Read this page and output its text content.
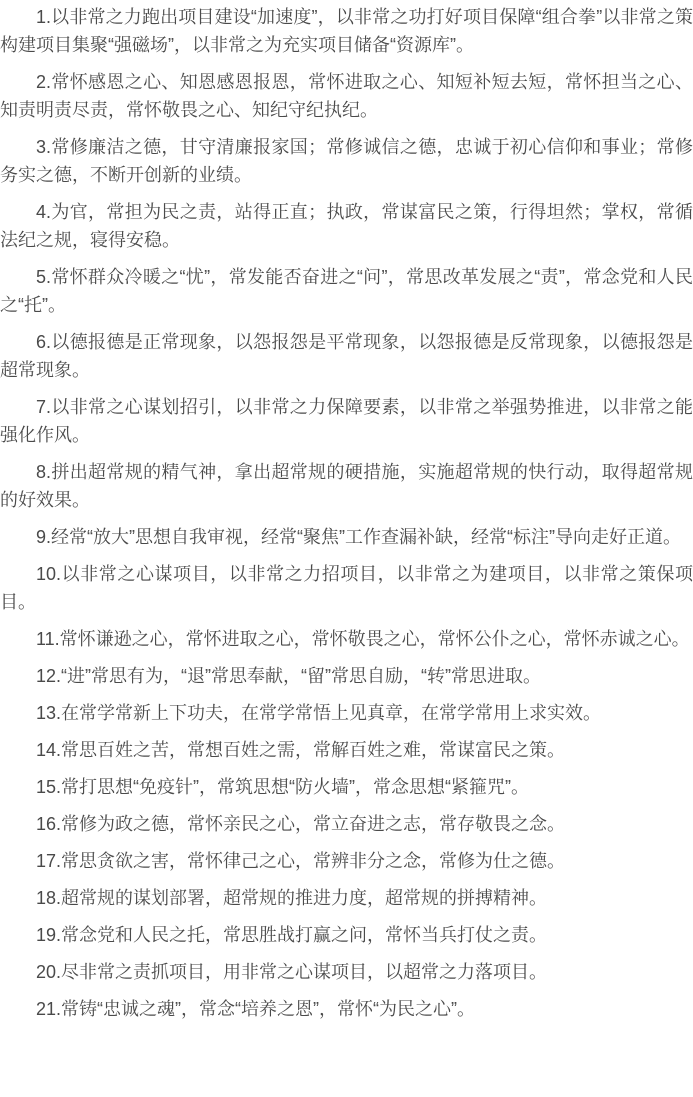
1.以非常之力跑出项目建设“加速度”，以非常之功打好项目保障“组合拳”以非常之策构建项目集聚“强磁场”，以非常之为充实项目储备“资源库”。

2.常怀感恩之心、知恩感恩报恩，常怀进取之心、知短补短去短，常怀担当之心、知责明责尽责，常怀敬畏之心、知纪守纪执纪。

3.常修廉洁之德，甘守清廉报家国；常修诚信之德，忠诚于初心信仰和事业；常修务实之德，不断开创新的业绩。

4.为官，常担为民之责，站得正直；执政，常谋富民之策，行得坦然；掌权，常循法纪之规，寝得安稳。

5.常怀群众冷暖之“忧”，常发能否奋进之“问”，常思改革发展之“责”，常念党和人民之“托”。

6.以德报德是正常现象，以怨报怨是平常现象，以怨报德是反常现象，以德报怨是超常现象。

7.以非常之心谋划招引，以非常之力保障要素，以非常之举强势推进，以非常之能强化作风。

8.拼出超常规的精气神，拿出超常规的硬措施，实施超常规的快行动，取得超常规的好效果。

9.经常“放大”思想自我审视，经常“聚焦”工作查漏补缺，经常“标注”导向走好正道。

10.以非常之心谋项目，以非常之力招项目，以非常之为建项目，以非常之策保项目。

11.常怀谦逊之心，常怀进取之心，常怀敬畏之心，常怀公仆之心，常怀赤诚之心。

12.“进”常思有为，“退”常思奉献，“留”常思自励，“转”常思进取。

13.在常学常新上下功夫，在常学常悟上见真章，在常学常用上求实效。

14.常思百姓之苦，常想百姓之需，常解百姓之难，常谋富民之策。

15.常打思想“免疫针”，常筑思想“防火墙”，常念思想“紧箍咒”。

16.常修为政之德，常怀亲民之心，常立奋进之志，常存敬畏之念。

17.常思贪欲之害，常怀律己之心，常辨非分之念，常修为仕之德。

18.超常规的谋划部署，超常规的推进力度，超常规的拼搏精神。

19.常念党和人民之托，常思胜战打赢之问，常怀当兵打仗之责。

20.尽非常之责抓项目，用非常之心谋项目，以超常之力落项目。

21.常铸“忠诚之魂”，常念“培养之恩”，常怀“为民之心”。
